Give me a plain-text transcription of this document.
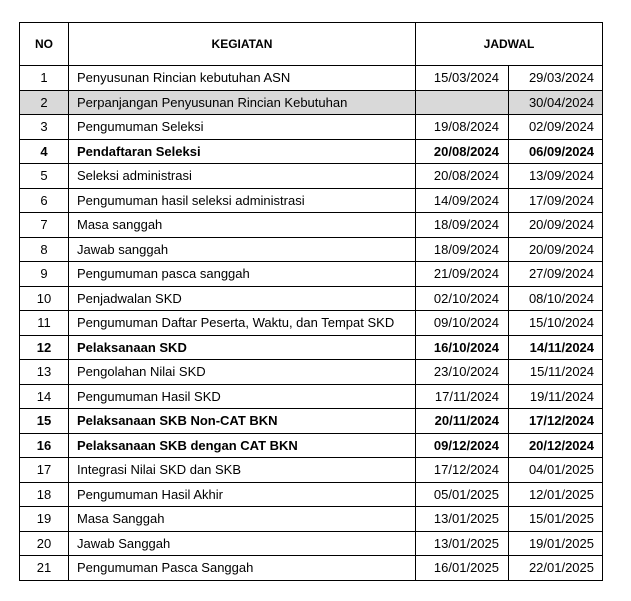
NO	KEGIATAN	JADWAL	
1	Penyusunan Rincian kebutuhan ASN	15/03/2024	29/03/2024
2	Perpanjangan Penyusunan Rincian Kebutuhan		30/04/2024
3	Pengumuman Seleksi	19/08/2024	02/09/2024
4	Pendaftaran Seleksi	20/08/2024	06/09/2024
5	Seleksi administrasi	20/08/2024	13/09/2024
6	Pengumuman hasil seleksi administrasi	14/09/2024	17/09/2024
7	Masa sanggah	18/09/2024	20/09/2024
8	Jawab sanggah	18/09/2024	20/09/2024
9	Pengumuman pasca sanggah	21/09/2024	27/09/2024
10	Penjadwalan SKD	02/10/2024	08/10/2024
11	Pengumuman Daftar Peserta, Waktu, dan Tempat SKD	09/10/2024	15/10/2024
12	Pelaksanaan SKD	16/10/2024	14/11/2024
13	Pengolahan Nilai SKD	23/10/2024	15/11/2024
14	Pengumuman Hasil SKD	17/11/2024	19/11/2024
15	Pelaksanaan SKB Non-CAT BKN	20/11/2024	17/12/2024
16	Pelaksanaan SKB dengan CAT BKN	09/12/2024	20/12/2024
17	Integrasi Nilai SKD dan SKB	17/12/2024	04/01/2025
18	Pengumuman Hasil Akhir	05/01/2025	12/01/2025
19	Masa Sanggah	13/01/2025	15/01/2025
20	Jawab Sanggah	13/01/2025	19/01/2025
21	Pengumuman Pasca Sanggah	16/01/2025	22/01/2025
